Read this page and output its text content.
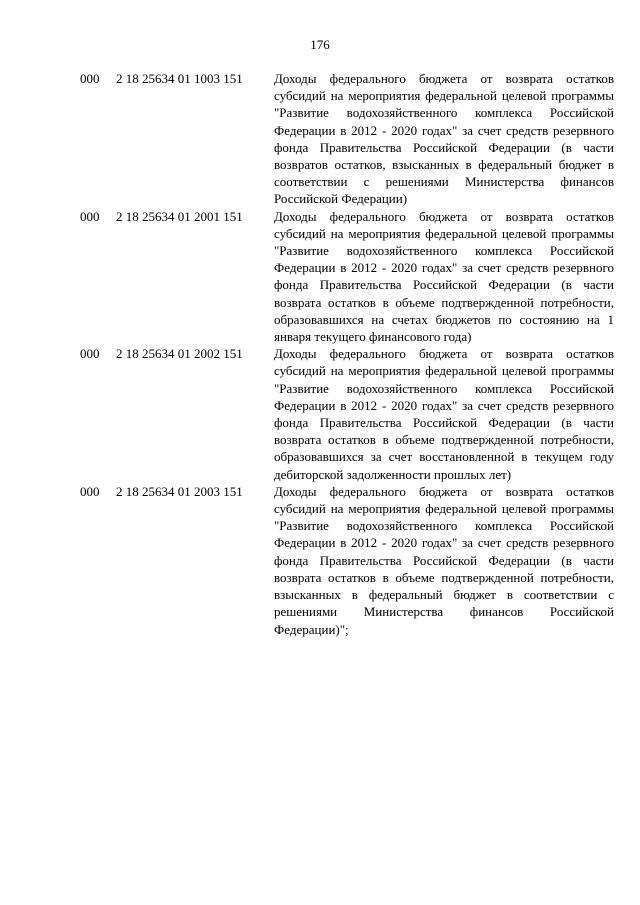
176
000	2 18 25634 01 1003 151	Доходы федерального бюджета от возврата остатков субсидий на мероприятия федеральной целевой программы "Развитие водохозяйственного комплекса Российской Федерации в 2012 - 2020 годах" за счет средств резервного фонда Правительства Российской Федерации (в части возвратов остатков, взысканных в федеральный бюджет в соответствии с решениями Министерства финансов Российской Федерации)
000	2 18 25634 01 2001 151	Доходы федерального бюджета от возврата остатков субсидий на мероприятия федеральной целевой программы "Развитие водохозяйственного комплекса Российской Федерации в 2012 - 2020 годах" за счет средств резервного фонда Правительства Российской Федерации (в части возврата остатков в объеме подтвержденной потребности, образовавшихся на счетах бюджетов по состоянию на 1 января текущего финансового года)
000	2 18 25634 01 2002 151	Доходы федерального бюджета от возврата остатков субсидий на мероприятия федеральной целевой программы "Развитие водохозяйственного комплекса Российской Федерации в 2012 - 2020 годах" за счет средств резервного фонда Правительства Российской Федерации (в части возврата остатков в объеме подтвержденной потребности, образовавшихся за счет восстановленной в текущем году дебиторской задолженности прошлых лет)
000	2 18 25634 01 2003 151	Доходы федерального бюджета от возврата остатков субсидий на мероприятия федеральной целевой программы "Развитие водохозяйственного комплекса Российской Федерации в 2012 - 2020 годах" за счет средств резервного фонда Правительства Российской Федерации (в части возврата остатков в объеме подтвержденной потребности, взысканных в федеральный бюджет в соответствии с решениями Министерства финансов Российской Федерации)";
